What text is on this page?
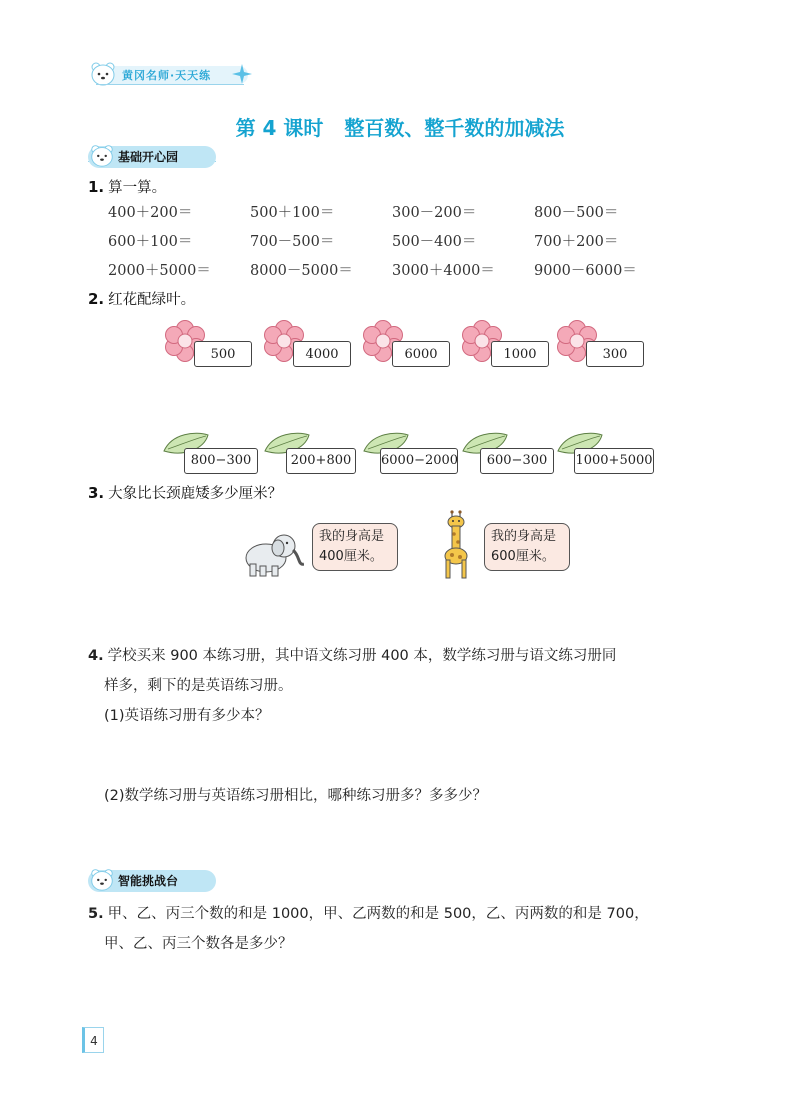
黄冈名师·天天练
第 4 课时 整百数、整千数的加减法
基础开心园
1. 算一算。
400＋200＝	500＋100＝	300－200＝	800－500＝
600＋100＝	700－500＝	500－400＝	700＋200＝
2000＋5000＝	8000－5000＝	3000＋4000＝	9000－6000＝
2. 红花配绿叶。
500	4000	6000	1000	300
800−300	200+800	6000−2000	600−300	1000+5000
3. 大象比长颈鹿矮多少厘米？
我的身高是
400厘米。
我的身高是
600厘米。
4. 学校买来 900 本练习册，其中语文练习册 400 本，数学练习册与语文练习册同
样多，剩下的是英语练习册。
(1)英语练习册有多少本？
(2)数学练习册与英语练习册相比，哪种练习册多？多多少？
智能挑战台
5. 甲、乙、丙三个数的和是 1000，甲、乙两数的和是 500，乙、丙两数的和是 700，
甲、乙、丙三个数各是多少？
4
